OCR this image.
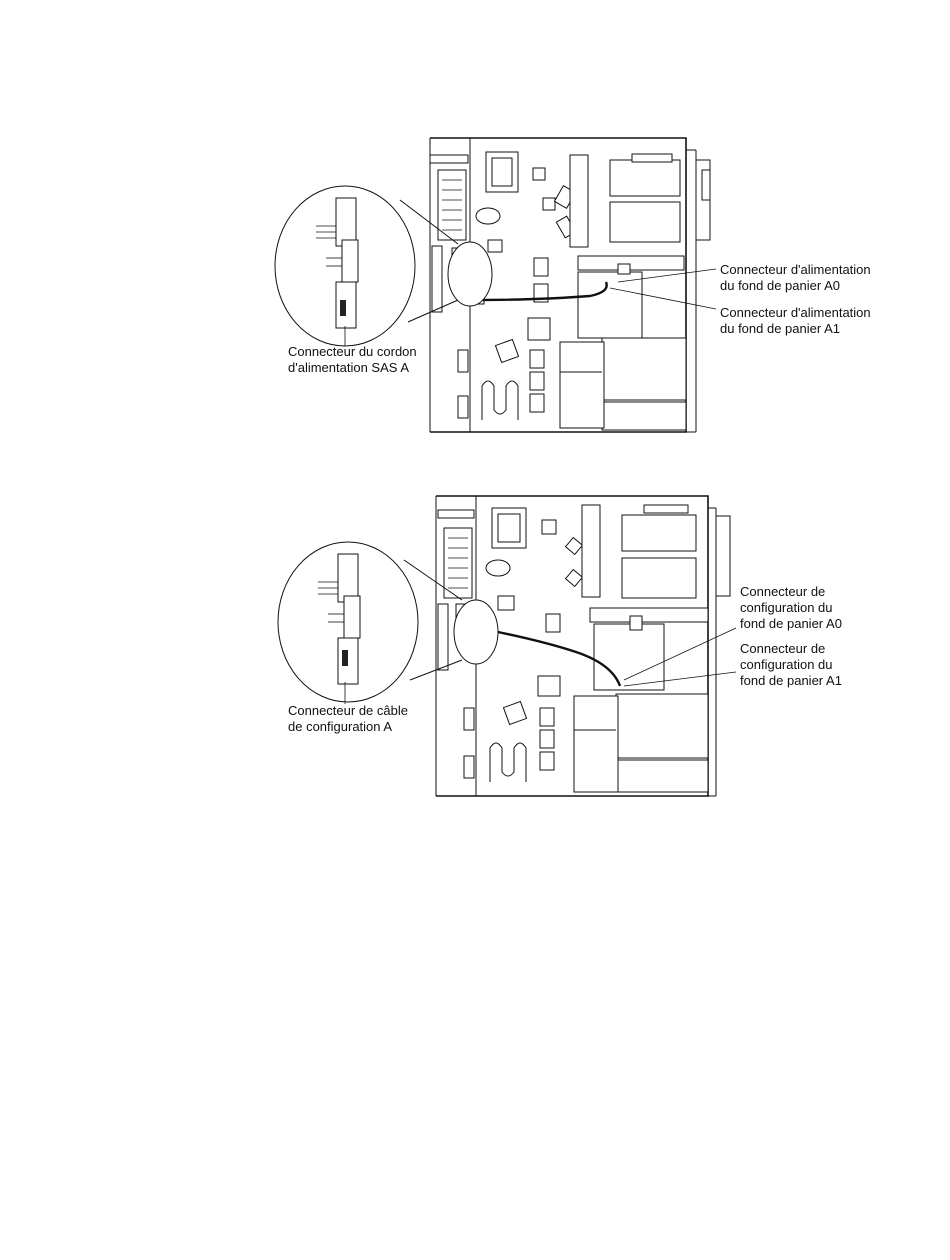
Connecteur d'alimentation
du fond de panier A0
Connecteur d'alimentation
du fond de panier A1
Connecteur du cordon
d'alimentation SAS A
Connecteur de
configuration du
fond de panier A0
Connecteur de
configuration du
fond de panier A1
Connecteur de câble
de configuration A
